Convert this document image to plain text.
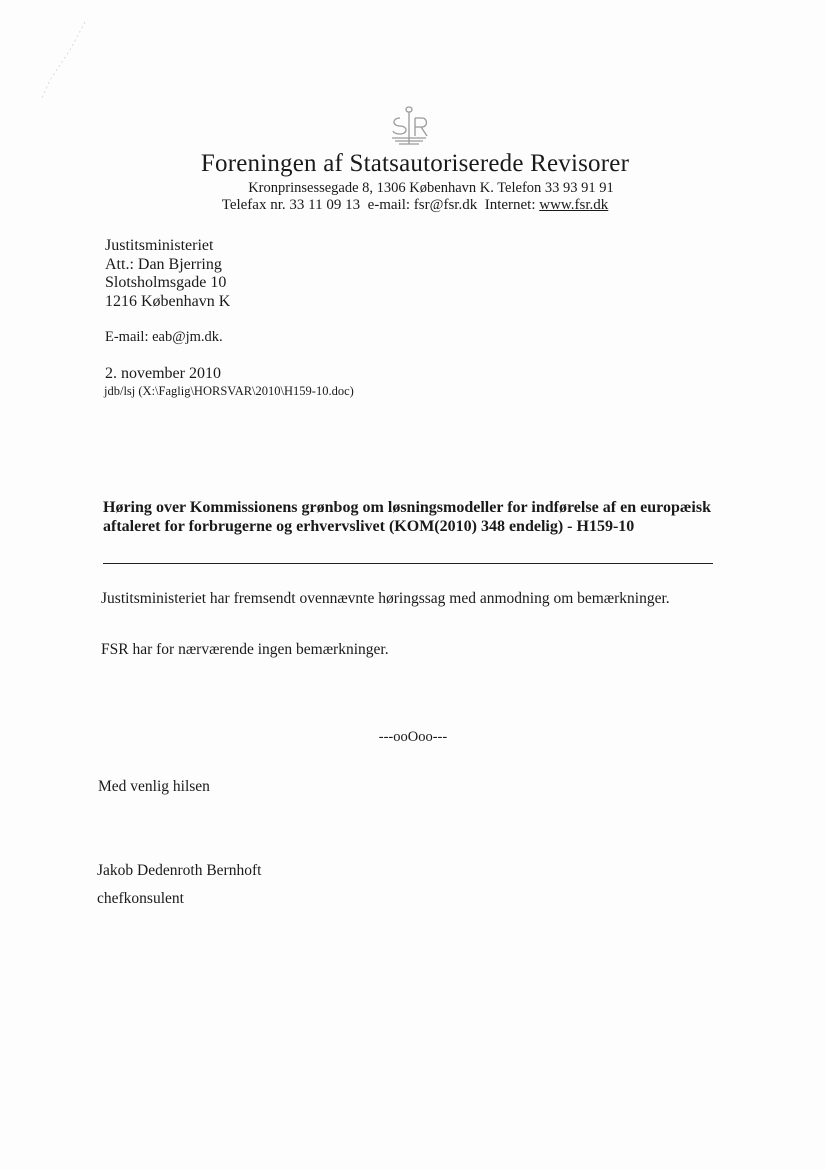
Foreningen af Statsautoriserede Revisorer
Kronprinsessegade 8, 1306 København K. Telefon 33 93 91 91
Telefax nr. 33 11 09 13 e-mail: fsr@fsr.dk Internet: www.fsr.dk
Justitsministeriet
Att.: Dan Bjerring
Slotsholmsgade 10
1216 København K
E-mail: eab@jm.dk.
2. november 2010
jdb/lsj (X:\Faglig\HORSVAR\2010\H159-10.doc)
Høring over Kommissionens grønbog om løsningsmodeller for indførelse af en europæisk aftaleret for forbrugerne og erhvervslivet (KOM(2010) 348 endelig) - H159-10
Justitsministeriet har fremsendt ovennævnte høringssag med anmodning om bemærkninger.
FSR har for nærværende ingen bemærkninger.
---ooOoo---
Med venlig hilsen
Jakob Dedenroth Bernhoft
chefkonsulent
